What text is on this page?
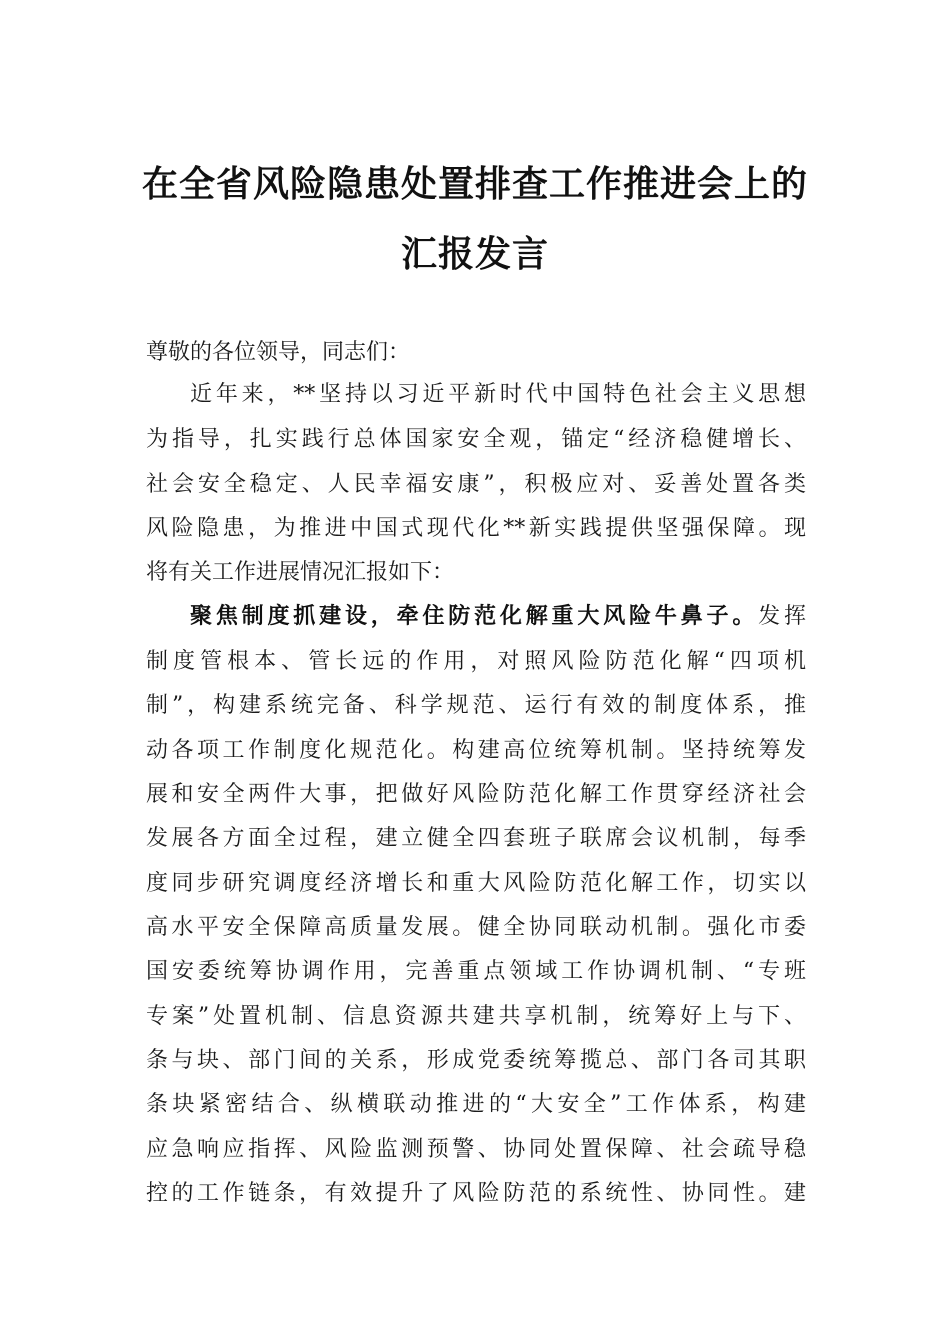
在全省风险隐患处置排查工作推进会上的
汇报发言
尊敬的各位领导，同志们：
近年来，**坚持以习近平新时代中国特色社会主义思想
为指导，扎实践行总体国家安全观，锚定“经济稳健增长、
社会安全稳定、人民幸福安康”，积极应对、妥善处置各类
风险隐患，为推进中国式现代化**新实践提供坚强保障。现
将有关工作进展情况汇报如下：
聚焦制度抓建设，牵住防范化解重大风险牛鼻子。发挥
制度管根本、管长远的作用，对照风险防范化解“四项机
制”，构建系统完备、科学规范、运行有效的制度体系，推
动各项工作制度化规范化。构建高位统筹机制。坚持统筹发
展和安全两件大事，把做好风险防范化解工作贯穿经济社会
发展各方面全过程，建立健全四套班子联席会议机制，每季
度同步研究调度经济增长和重大风险防范化解工作，切实以
高水平安全保障高质量发展。健全协同联动机制。强化市委
国安委统筹协调作用，完善重点领域工作协调机制、“专班
专案”处置机制、信息资源共建共享机制，统筹好上与下、
条与块、部门间的关系，形成党委统筹揽总、部门各司其职
条块紧密结合、纵横联动推进的“大安全”工作体系，构建
应急响应指挥、风险监测预警、协同处置保障、社会疏导稳
控的工作链条，有效提升了风险防范的系统性、协同性。建
